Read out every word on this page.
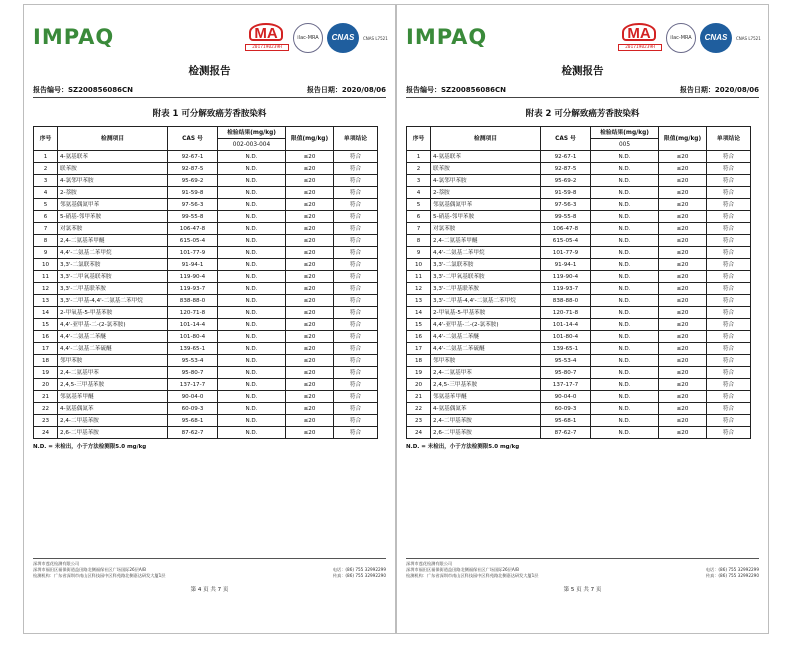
IMPAQ	MA
2017190239H
ilac-MRA	CNAS	CNAS L7521
检测报告
报告编号：SZ200856086CN	报告日期：2020/08/06
附表 1 可分解致癌芳香胺染料
序号	检测项目	CAS 号	检验结果(mg/kg)	限值(mg/kg)	单项结论
			002-003-004		
1	4-氨基联苯	92-67-1	N.D.	≤20	符合
2	联苯胺	92-87-5	N.D.	≤20	符合
3	4-氯邻甲苯胺	95-69-2	N.D.	≤20	符合
4	2-萘胺	91-59-8	N.D.	≤20	符合
5	邻氨基偶氮甲苯	97-56-3	N.D.	≤20	符合
6	5-硝基-邻甲苯胺	99-55-8	N.D.	≤20	符合
7	对氯苯胺	106-47-8	N.D.	≤20	符合
8	2,4-二氨基苯甲醚	615-05-4	N.D.	≤20	符合
9	4,4'-二氨基二苯甲烷	101-77-9	N.D.	≤20	符合
10	3,3'-二氯联苯胺	91-94-1	N.D.	≤20	符合
11	3,3'-二甲氧基联苯胺	119-90-4	N.D.	≤20	符合
12	3,3'-二甲基联苯胺	119-93-7	N.D.	≤20	符合
13	3,3'-二甲基-4,4'-二氨基二苯甲烷	838-88-0	N.D.	≤20	符合
14	2-甲氧基-5-甲基苯胺	120-71-8	N.D.	≤20	符合
15	4,4'-亚甲基-二-(2-氯苯胺)	101-14-4	N.D.	≤20	符合
16	4,4'-二氨基二苯醚	101-80-4	N.D.	≤20	符合
17	4,4'-二氨基二苯硫醚	139-65-1	N.D.	≤20	符合
18	邻甲苯胺	95-53-4	N.D.	≤20	符合
19	2,4-二氨基甲苯	95-80-7	N.D.	≤20	符合
20	2,4,5-三甲基苯胺	137-17-7	N.D.	≤20	符合
21	邻氨基苯甲醚	90-04-0	N.D.	≤20	符合
22	4-氨基偶氮苯	60-09-3	N.D.	≤20	符合
23	2,4-二甲基苯胺	95-68-1	N.D.	≤20	符合
24	2,6-二甲基苯胺	87-62-7	N.D.	≤20	符合
N.D. = 未检出，小于方法检测限5.0 mg/kg
深圳市莲花检测有限公司
深圳市福田区福保街道益田路北侧福保社区广场国际26层A/B	电话：(86) 755 32992299
检测机构：广东省深圳市南山区科技园中区科苑路北侧嘉达研发大厦1层	传真：(86) 755 32992290
第 4 页 共 7 页
IMPAQ	MA
2017190239H
ilac-MRA	CNAS	CNAS L7521
检测报告
报告编号：SZ200856086CN	报告日期：2020/08/06
附表 2 可分解致癌芳香胺染料
序号	检测项目	CAS 号	检验结果(mg/kg)	限值(mg/kg)	单项结论
			005		
1	4-氨基联苯	92-67-1	N.D.	≤20	符合
2	联苯胺	92-87-5	N.D.	≤20	符合
3	4-氯邻甲苯胺	95-69-2	N.D.	≤20	符合
4	2-萘胺	91-59-8	N.D.	≤20	符合
5	邻氨基偶氮甲苯	97-56-3	N.D.	≤20	符合
6	5-硝基-邻甲苯胺	99-55-8	N.D.	≤20	符合
7	对氯苯胺	106-47-8	N.D.	≤20	符合
8	2,4-二氨基苯甲醚	615-05-4	N.D.	≤20	符合
9	4,4'-二氨基二苯甲烷	101-77-9	N.D.	≤20	符合
10	3,3'-二氯联苯胺	91-94-1	N.D.	≤20	符合
11	3,3'-二甲氧基联苯胺	119-90-4	N.D.	≤20	符合
12	3,3'-二甲基联苯胺	119-93-7	N.D.	≤20	符合
13	3,3'-二甲基-4,4'-二氨基二苯甲烷	838-88-0	N.D.	≤20	符合
14	2-甲氧基-5-甲基苯胺	120-71-8	N.D.	≤20	符合
15	4,4'-亚甲基-二-(2-氯苯胺)	101-14-4	N.D.	≤20	符合
16	4,4'-二氨基二苯醚	101-80-4	N.D.	≤20	符合
17	4,4'-二氨基二苯硫醚	139-65-1	N.D.	≤20	符合
18	邻甲苯胺	95-53-4	N.D.	≤20	符合
19	2,4-二氨基甲苯	95-80-7	N.D.	≤20	符合
20	2,4,5-三甲基苯胺	137-17-7	N.D.	≤20	符合
21	邻氨基苯甲醚	90-04-0	N.D.	≤20	符合
22	4-氨基偶氮苯	60-09-3	N.D.	≤20	符合
23	2,4-二甲基苯胺	95-68-1	N.D.	≤20	符合
24	2,6-二甲基苯胺	87-62-7	N.D.	≤20	符合
N.D. = 未检出，小于方法检测限5.0 mg/kg
深圳市莲花检测有限公司
深圳市福田区福保街道益田路北侧福保社区广场国际26层A/B	电话：(86) 755 32992299
检测机构：广东省深圳市南山区科技园中区科苑路北侧嘉达研发大厦1层	传真：(86) 755 32992290
第 5 页 共 7 页
